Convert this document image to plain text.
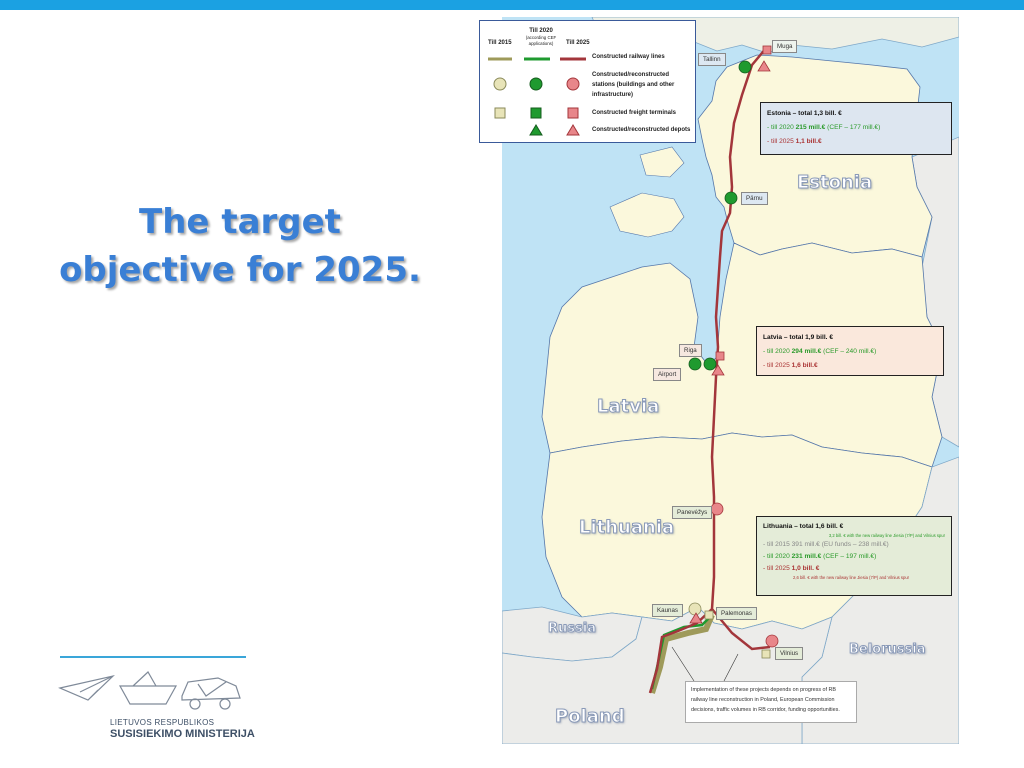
The target
objective for 2025.
LIETUVOS RESPUBLIKOS
SUSISIEKIMO MINISTERIJA
Till 2015
Till 2020
(according CEF
applications)	Till 2025
Constructed railway lines
Constructed/reconstructed
stations (buildings and other
infrastructure)
Constructed freight terminals
Constructed/reconstructed depots
Muga
Tallinn
Pärnu
Riga
Airport
Panevėžys
Kaunas	Palemonas
Vilnius
Estonia
Latvia
Lithuania
Russia
Belorussia
Poland
Estonia – total 1,3 bill. €
- till 2020 215 mill.€ (CEF – 177 mill.€)
- till 2025 1,1 bill.€
Latvia – total 1,9 bill. €
- till 2020 294 mill.€ (CEF – 240 mill.€)
- till 2025 1,6 bill.€
Lithuania – total 1,6 bill. €
3,2 bill. € with the new railway line Jiesia (7/P) and Vilnius spur
- till 2015 391 mill.€ (EU funds – 238 mill.€)
- till 2020 231 mill.€ (CEF – 197 mill.€)
- till 2025 1,0 bill. €
2,6 bill. € with the new railway line Jiesia (7/P) and Vilnius spur
Implementation of these projects depends on progress of RB
railway line reconstruction in Poland, European Commission
decisions, traffic volumes in RB corridor, funding opportunities.
